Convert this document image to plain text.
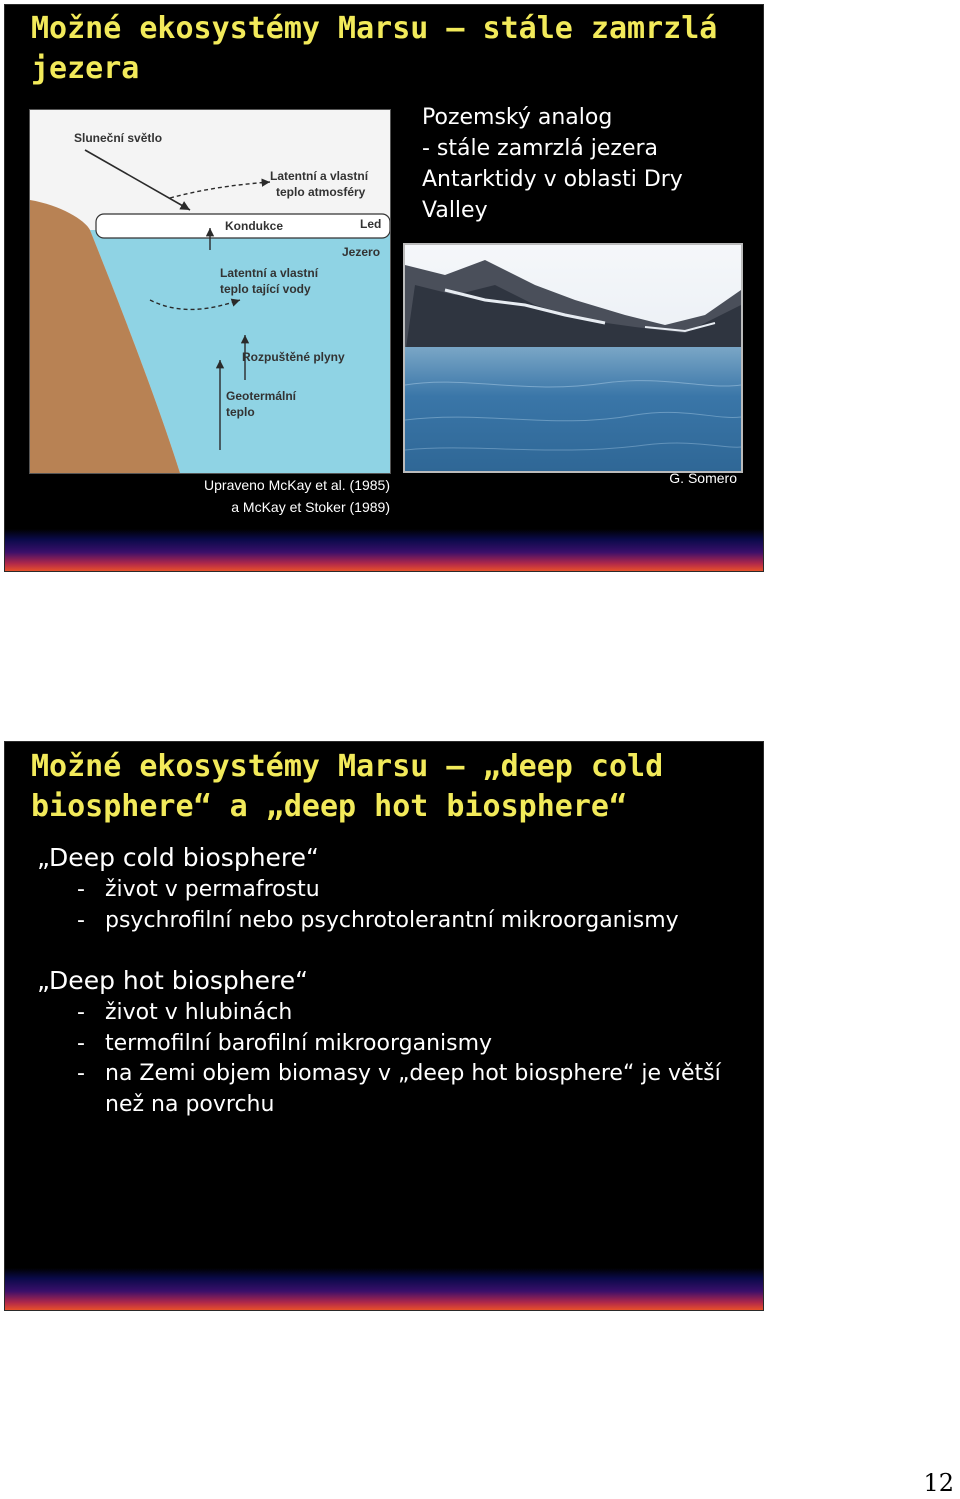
Možné ekosystémy Marsu – stále zamrzlá jezera
Pozemský analog
- stále zamrzlá jezera
Antarktidy v oblasti Dry
Valley
Sluneční světlo
Latentní a vlastní
teplo atmosféry
Kondukce	Led
Jezero
Latentní a vlastní
teplo tající vody
Rozpuštěné plyny
Geotermální
teplo
Upraveno McKay et al. (1985)
a McKay et Stoker (1989)
G. Somero
Možné ekosystémy Marsu – „deep cold biosphere“ a „deep hot biosphere“

„Deep cold biosphere“

- život v permafrostu
- psychrofilní nebo psychrotolerantní mikroorganismy

„Deep hot biosphere“

- život v hlubinách
- termofilní barofilní mikroorganismy
- na Zemi objem biomasy v „deep hot biosphere“ je větší než na povrchu
12
